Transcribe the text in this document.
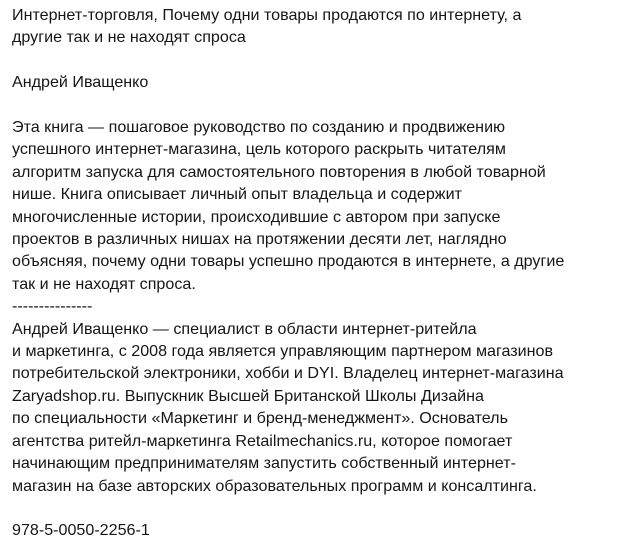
Интернет-торговля, Почему одни товары продаются по интернету, а
другие так и не находят спроса
Андрей Иващенко
Эта книга — пошаговое руководство по созданию и продвижению
успешного интернет-магазина, цель которого раскрыть читателям
алгоритм запуска для самостоятельного повторения в любой товарной
нише. Книга описывает личный опыт владельца и содержит
многочисленные истории, происходившие с автором при запуске
проектов в различных нишах на протяжении десяти лет, наглядно
объясняя, почему одни товары успешно продаются в интернете, а другие
так и не находят спроса.
---------------
Андрей Иващенко — специалист в области интернет-ритейла
и маркетинга, с 2008 года является управляющим партнером магазинов
потребительской электроники, хобби и DYI. Владелец интернет-магазина
Zaryadshop.ru. Выпускник Высшей Британской Школы Дизайна
по специальности «Маркетинг и бренд-менеджмент». Основатель
агентства ритейл-маркетинга Retailmechanics.ru, которое помогает
начинающим предпринимателям запустить собственный интернет-
магазин на базе авторских образовательных программ и консалтинга.
978-5-0050-2256-1
